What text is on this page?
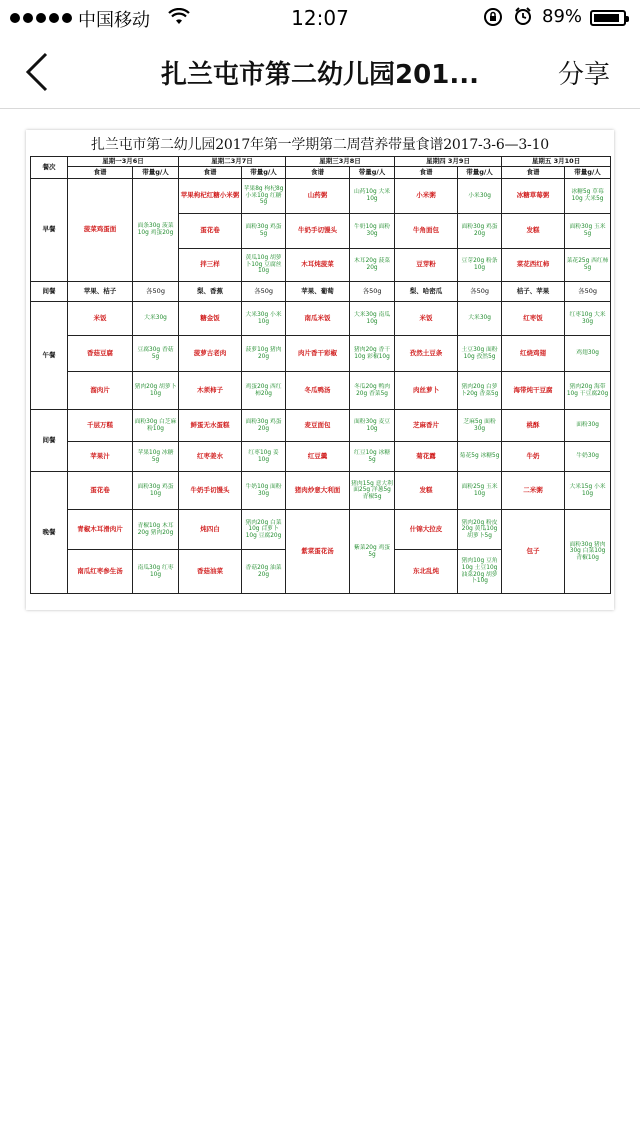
中国移动	12:07	89%
扎兰屯市第二幼儿园201...	分享
扎兰屯市第二幼儿园2017年第一学期第二周营养带量食谱2017-3-6—3-10
餐次	星期一3月6日		星期二3月7日		星期三3月8日		星期四 3月9日		星期五 3月10日	
	食谱	带量g/人	食谱	带量g/人	食谱	带量g/人	食谱	带量g/人	食谱	带量g/人
早餐	菠菜鸡蛋面	面条30g 菠菜10g 鸡蛋20g	苹果枸杞红糖小米粥	苹果8g 枸杞8g 小米10g 红糖5g	山药粥	山药10g 大米10g	小米粥	小米30g	冰糖草莓粥	冰糖5g 草莓10g 大米5g
			蛋花卷	面粉30g 鸡蛋5g	牛奶手切馒头	牛奶10g 面粉30g	牛角面包	面粉30g 鸡蛋20g	发糕	面粉30g 玉米5g
			拌三样	黄瓜10g 胡萝卜10g 豆腐丝10g	木耳炖菠菜	木耳20g 菠菜20g	豆芽粉	豆芽20g 粉条10g	菜花西红柿	菜花25g 西红柿5g
间餐	苹果、桔子	各50g	梨、香蕉	各50g	苹果、葡萄	各50g	梨、哈密瓜	各50g	桔子、苹果	各50g
午餐	米饭	大米30g	糖金饭	大米30g 小米10g	南瓜米饭	大米30g 南瓜10g	米饭	大米30g	红枣饭	红枣10g 大米30g
	香菇豆腐	豆腐30g 香菇5g	菠萝古老肉	菠萝10g 猪肉20g	肉片香干彩椒	猪肉20g 香干10g 彩椒10g	孜然土豆条	土豆30g 面粉10g 孜然5g	红烧鸡翅	鸡翅30g
	溜肉片	猪肉20g 胡萝卜10g	木须柿子	鸡蛋20g 西红柿20g	冬瓜鸭汤	冬瓜20g 鸭肉20g 香菜5g	肉丝萝卜	猪肉20g 白萝卜20g 香菜5g	海带炖干豆腐	猪肉20g 海带10g 干豆腐20g
间餐	千层万糕	面粉30g 白芝麻粉10g	鲜蛋无水蛋糕	面粉30g 鸡蛋20g	麦豆面包	面粉30g 麦豆10g	芝麻香片	芝麻5g 面粉30g	桃酥	面粉30g
	苹果汁	苹果10g 冰糖5g	红枣姜水	红枣10g 姜10g	红豆羹	红豆10g 冰糖5g	菊花露	菊花5g 冰糖5g	牛奶	牛奶30g
晚餐	蛋花卷	面粉30g 鸡蛋10g	牛奶手切馒头	牛奶10g 面粉30g	猪肉炒意大利面	猪肉15g 意大利面25g 洋葱5g 青椒5g	发糕	面粉25g 玉米10g	二米粥	大米15g 小米10g
	青椒木耳滑肉片	青椒10g 木耳20g 猪肉20g	炖四白	猪肉20g 白菜10g 白萝卜10g 豆腐20g	紫菜蛋花汤	紫菜20g 鸡蛋5g	什锦大拉皮	猪肉20g 粉皮20g 黄瓜10g 胡萝卜5g	包子	面粉30g 猪肉30g 白菜10g 青椒10g
	南瓜红枣参生汤	南瓜30g 红枣10g	香菇油菜	香菇20g 油菜20g			东北乱炖	猪肉10g 豆角10g 土豆10g 油菜20g 胡萝卜10g		
